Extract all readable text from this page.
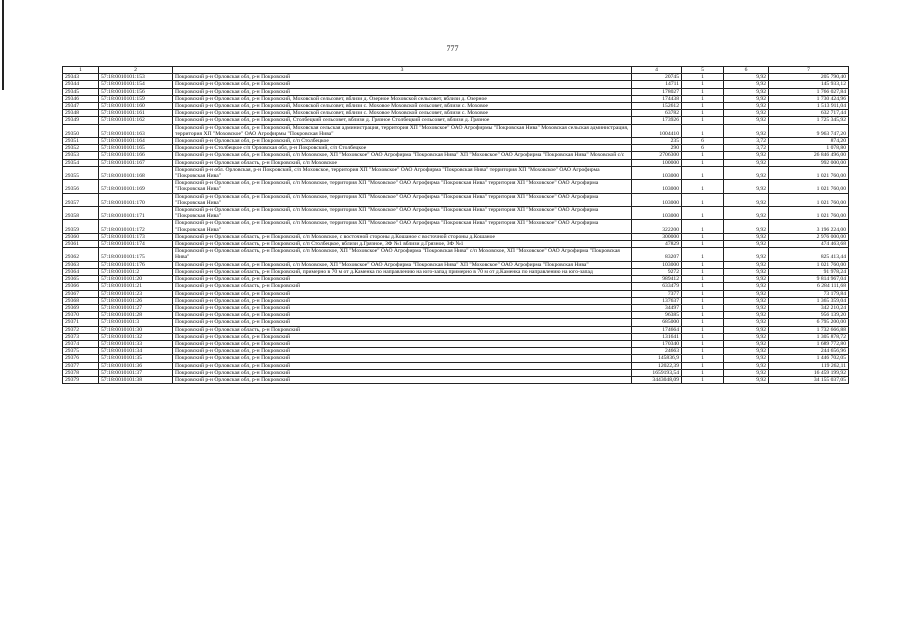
777
1	2	3	4	5	6	7
29343	57:18:0010101:153	Покровский р-н Орловская обл, р-н Покровский	20745	1	9,92	205 790,40
29344	57:18:0010101:154	Покровский р-н Орловская обл, р-н Покровский	14711	1	9,92	145 933,12
29345	57:18:0010101:156	Покровский р-н Орловская обл, р-н Покровский	178027	1	9,92	1 766 027,84
29346	57:18:0010101:159	Покровский р-н Орловская обл, р-н Покровский, Моховской сельсовет, вблизи д. Озерное Моховской сельсовет, вблизи д. Озерное	174438	1	9,92	1 730 424,96
29347	57:18:0010101:160	Покровский р-н Орловская обл, р-н Покровский, Моховской сельсовет, вблизи с. Моховое Моховской сельсовет, вблизи с. Моховое	152612	1	9,92	1 513 911,04
29348	57:18:0010101:161	Покровский р-н Орловская обл, р-н Покровский, Моховской сельсовет, вблизи с. Моховое Моховской сельсовет, вблизи с. Моховое	63782	1	9,92	632 717,44
29349	57:18:0010101:162	Покровский р-н Орловская обл, р-н Покровский, Столбецкий сельсовет, вблизи д. Грязное Столбецкий сельсовет, вблизи д. Грязное	173926	1	9,92	1 725 345,92
29350	57:18:0010101:163	Покровский р-н Орловская обл, р-н Покровский, Моховская сельская администрация, территория ХП "Моховское" ОАО Агрофирмы "Покровская Нива" Моховская сельская администрация, территория ХП "Моховское" ОАО Агрофирмы "Покровская Нива"	1004410	1	9,92	9 963 747,20
29351	57:18:0010101:164	Покровский р-н Орловская обл, р-н Покровский, с/п Столбецкое	235	6	3,72	874,20
29352	57:18:0010101:165	Покровский р-н Столбецкое с/п Орловская обл, р-н Покровский, с/п Столбецкое	290	6	3,72	1 078,80
29353	57:18:0010101:166	Покровский р-н Орловская обл, р-н Покровский, с/п Моховское, ХП "Моховское" ОАО Агрофирма "Покровская Нива" ХП "Моховское" ОАО Агрофирма "Покровская Нива" Моховской с/с	2706300	1	9,92	26 846 496,00
29354	57:18:0010101:167	Покровский р-н Орловская область, р-н Покровский, с/п Моховское	100000	1	9,92	992 000,00
29355	57:18:0010101:168	Покровский р-н обл. Орловская, р-н Покровский, с/п Моховское, территория ХП "Моховское" ОАО Агрофирма "Покровская Нива" территория ХП "Моховское" ОАО Агрофирма "Покровская Нива"	103000	1	9,92	1 021 760,00
29356	57:18:0010101:169	Покровский р-н Орловская обл, р-н Покровский, с/п Моховское, территория ХП "Моховское" ОАО Агрофирма "Покровская Нива" территория ХП "Моховское" ОАО Агрофирма "Покровская Нива"	103000	1	9,92	1 021 760,00
29357	57:18:0010101:170	Покровский р-н Орловская обл, р-н Покровский, с/п Моховское, территория ХП "Моховское" ОАО Агрофирма "Покровская Нива" территория ХП "Моховское" ОАО Агрофирма "Покровская Нива"	103000	1	9,92	1 021 760,00
29358	57:18:0010101:171	Покровский р-н Орловская обл, р-н Покровский, с/п Моховское, территория ХП "Моховское" ОАО Агрофирма "Покровская Нива" территория ХП "Моховское" ОАО Агрофирма "Покровская Нива"	103000	1	9,92	1 021 760,00
29359	57:18:0010101:172	Покровский р-н Орловская обл, р-н Покровский, с/п Моховское, территория ХП "Моховское" ОАО Агрофирма "Покровская Нива" территория ХП "Моховское" ОАО Агрофирма "Покровская Нива"	322200	1	9,92	3 196 224,00
29360	57:18:0010101:173	Покровский р-н Орловская область, р-н Покровский, с/п Моховское, с восточной стороны д.Кошаное с восточной стороны д.Кошаное	300000	1	9,92	2 976 000,00
29361	57:18:0010101:174	Покровский р-н Орловская область, р-н Покровский, с/п Столбецкое, вблизи д.Грязное, ЗФ №1 вблизи д.Грязное, ЗФ №1	47829	1	9,92	474 463,68
29362	57:18:0010101:175	Покровский р-н Орловская область, р-н Покровский, с/п Моховское, ХП "Моховское" ОАО Агрофирма "Покровская Нива" с/п Моховское, ХП "Моховское" ОАО Агрофирма "Покровская Нива"	83207	1	9,92	825 413,44
29363	57:18:0010101:176	Покровский р-н Орловская обл, р-н Покровский, с/п Моховское, ХП "Моховское" ОАО Агрофирма "Покровская Нива" ХП "Моховское" ОАО Агрофирма "Покровская Нива"	103000	1	9,92	1 021 760,00
29364	57:18:0010101:2	Покровский р-н Орловская область, р-н Покровский, примерно в 70 м от д.Каменка по направлению на юго-запад примерно в 70 м от д.Каменка по направлению на юго-запад	9272	1	9,92	91 978,24
29365	57:18:0010101:20	Покровский р-н Орловская обл, р-н Покровский	989412	1	9,92	9 814 967,04
29366	57:18:0010101:21	Покровский р-н Орловская область, р-н Покровский	633479	1	9,92	6 284 111,68
29367	57:18:0010101:23	Покровский р-н Орловская обл, р-н Покровский	7377	1	9,92	73 179,84
29368	57:18:0010101:26	Покровский р-н Орловская обл, р-н Покровский	137637	1	9,92	1 365 359,04
29369	57:18:0010101:27	Покровский р-н Орловская обл, р-н Покровский	34497	1	9,92	342 210,24
29370	57:18:0010101:28	Покровский р-н Орловская обл, р-н Покровский	96385	1	9,92	956 139,20
29371	57:18:0010101:3	Покровский р-н Орловская обл, р-н Покровский	685000	1	9,92	6 795 200,00
29372	57:18:0010101:30	Покровский р-н Орловская область, р-н Покровский	174664	1	9,92	1 732 666,88
29373	57:18:0010101:32	Покровский р-н Орловская обл, р-н Покровский	131641	1	9,92	1 305 878,72
29374	57:18:0010101:33	Покровский р-н Орловская обл, р-н Покровский	170340	1	9,92	1 689 772,80
29375	57:18:0010101:34	Покровский р-н Орловская обл, р-н Покровский	24663	1	9,92	244 656,96
29376	57:18:0010101:35	Покровский р-н Орловская обл, р-н Покровский	145836,9	1	9,92	1 446 702,05
29377	57:18:0010101:36	Покровский р-н Орловская обл, р-н Покровский	12022,39	1	9,92	119 262,11
29378	57:18:0010101:37	Покровский р-н Орловская обл, р-н Покровский	1659193,54	1	9,92	16 459 199,92
29379	57:18:0010101:38	Покровский р-н Орловская обл, р-н Покровский	3443048,09	1	9,92	34 155 037,05
